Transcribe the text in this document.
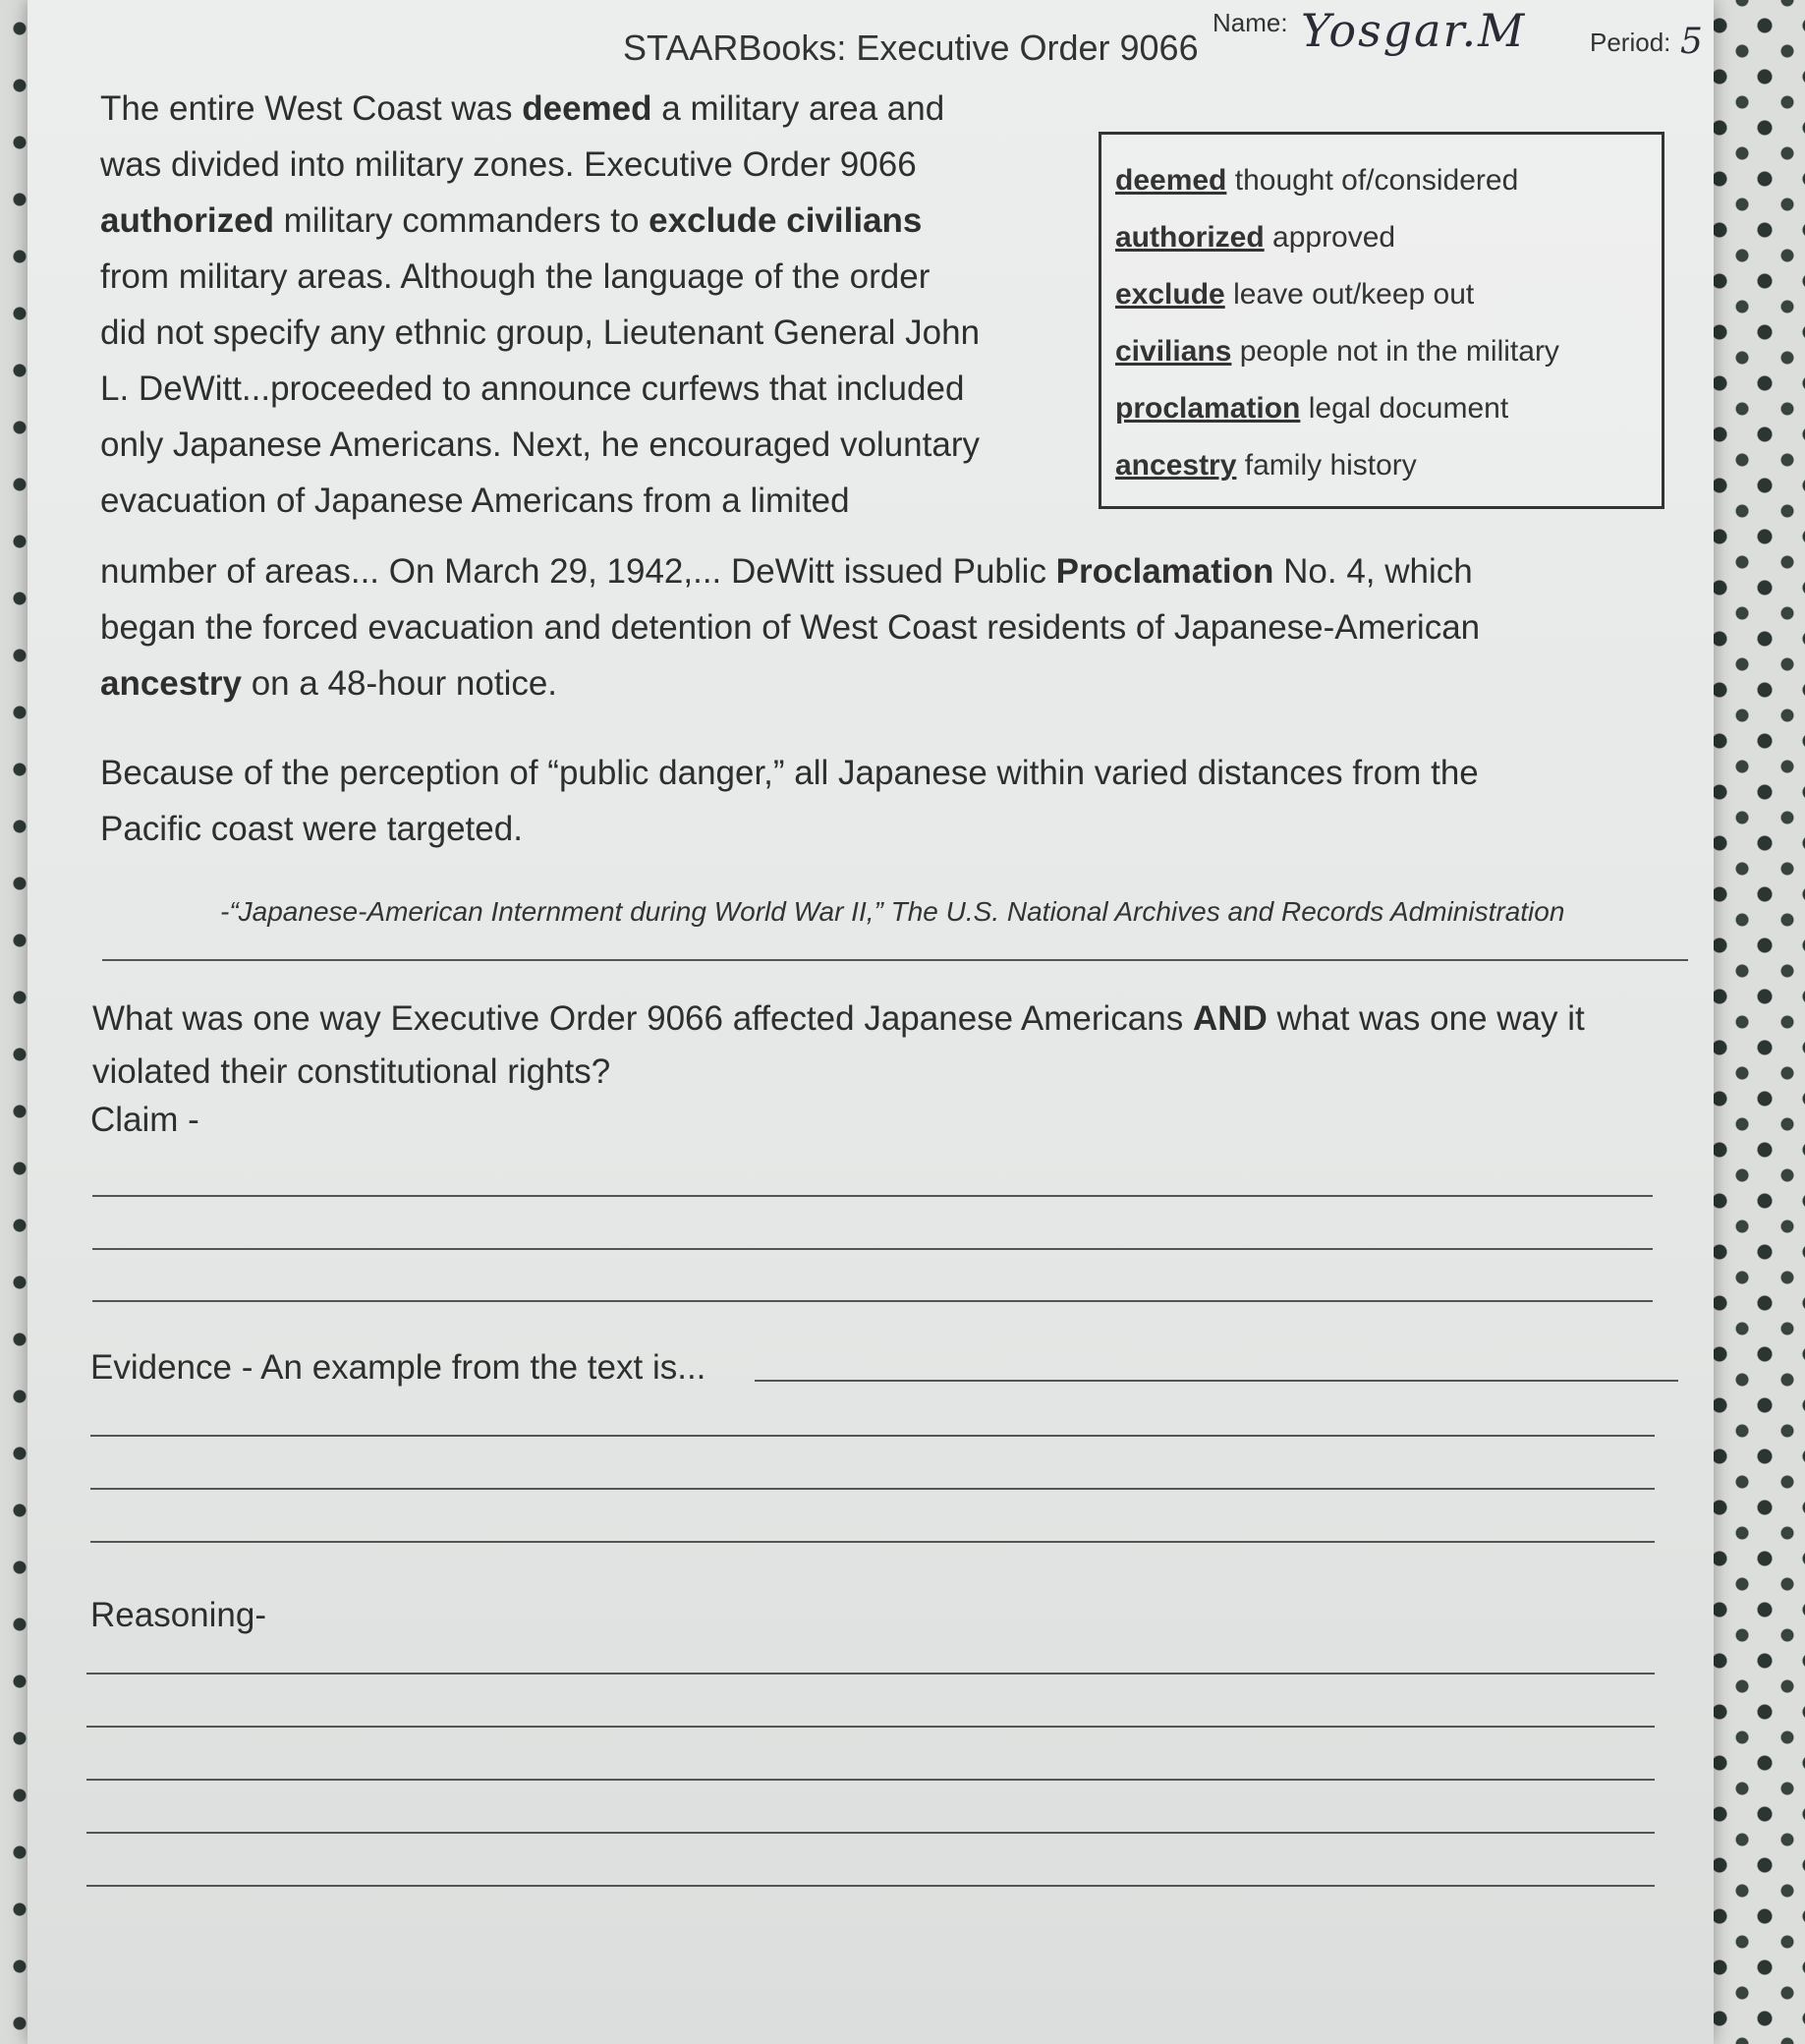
Name: Yosgar.M Period: 5
STAARBooks: Executive Order 9066
The entire West Coast was deemed a military area and
was divided into military zones. Executive Order 9066
authorized military commanders to exclude civilians
from military areas. Although the language of the order
did not specify any ethnic group, Lieutenant General John
L. DeWitt...proceeded to announce curfews that included
only Japanese Americans. Next, he encouraged voluntary
evacuation of Japanese Americans from a limited
number of areas... On March 29, 1942,... DeWitt issued Public Proclamation No. 4, which
began the forced evacuation and detention of West Coast residents of Japanese-American
ancestry on a 48-hour notice.
deemed thought of/considered
authorized approved
exclude leave out/keep out
civilians people not in the military
proclamation legal document
ancestry family history
Because of the perception of “public danger,” all Japanese within varied distances from the
Pacific coast were targeted.
-“Japanese-American Internment during World War II,” The U.S. National Archives and Records Administration
What was one way Executive Order 9066 affected Japanese Americans AND what was one way it
violated their constitutional rights?
Claim -
Evidence - An example from the text is...
Reasoning-
